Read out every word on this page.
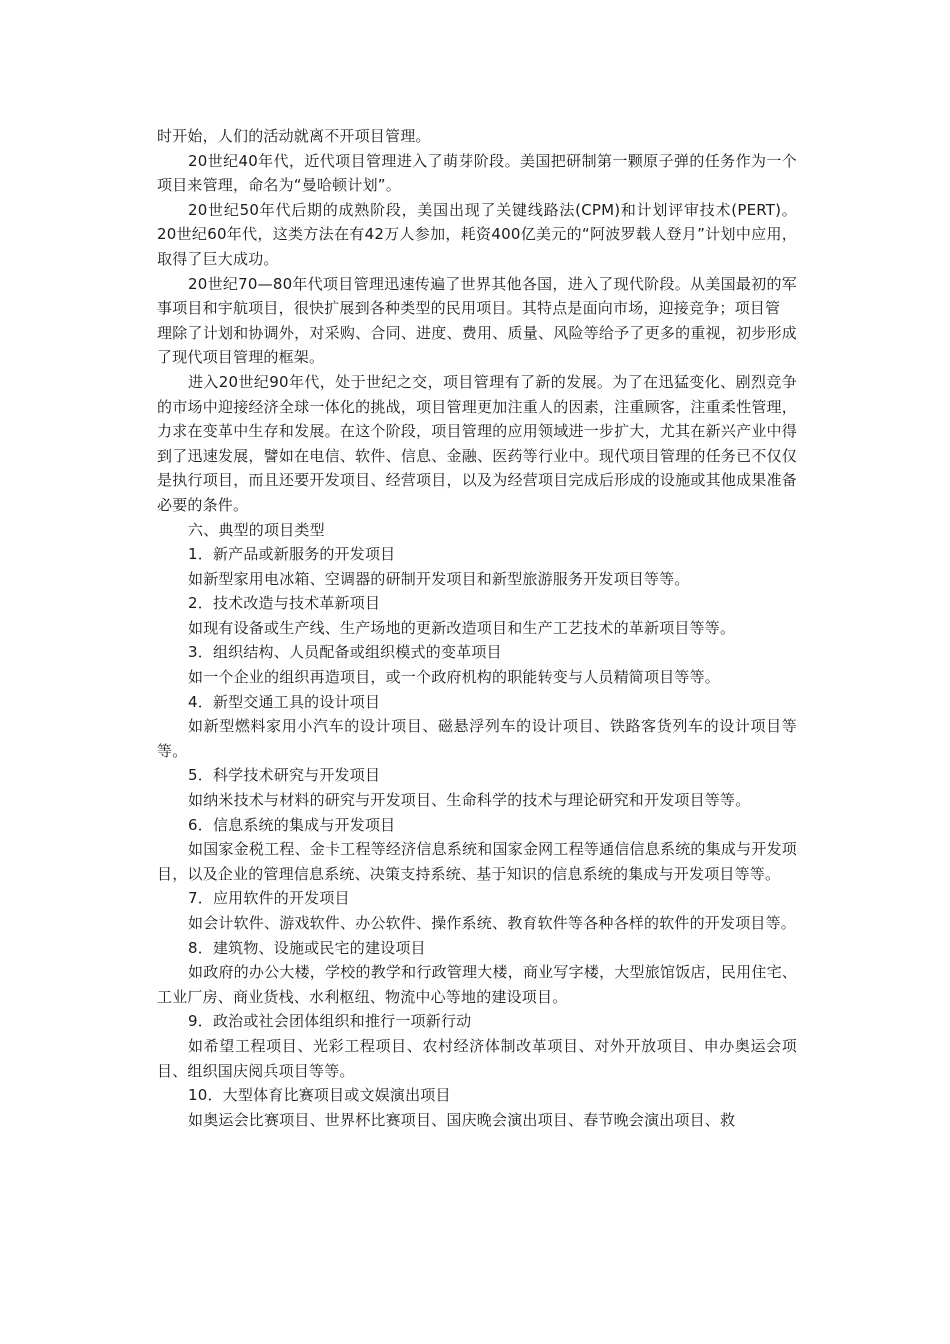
时开始，人们的活动就离不开项目管理。

20世纪40年代，近代项目管理进入了萌芽阶段。美国把研制第一颗原子弹的任务作为一个项目来管理，命名为“曼哈顿计划”。

20世纪50年代后期的成熟阶段，美国出现了关键线路法(CPM)和计划评审技术(PERT)。20世纪60年代，这类方法在有42万人参加，耗资400亿美元的“阿波罗载人登月”计划中应用，取得了巨大成功。

20世纪70—80年代项目管理迅速传遍了世界其他各国，进入了现代阶段。从美国最初的军事项目和宇航项目，很快扩展到各种类型的民用项目。其特点是面向市场，迎接竞争；项目管

理除了计划和协调外，对采购、合同、进度、费用、质量、风险等给予了更多的重视，初步形成了现代项目管理的框架。

进入20世纪90年代，处于世纪之交，项目管理有了新的发展。为了在迅猛变化、剧烈竞争的市场中迎接经济全球一体化的挑战，项目管理更加注重人的因素，注重顾客，注重柔性管理，力求在变革中生存和发展。在这个阶段，项目管理的应用领域进一步扩大，尤其在新兴产业中得到了迅速发展，譬如在电信、软件、信息、金融、医药等行业中。现代项目管理的任务已不仅仅是执行项目，而且还要开发项目、经营项目，以及为经营项目完成后形成的设施或其他成果准备必要的条件。

六、典型的项目类型

1．新产品或新服务的开发项目

如新型家用电冰箱、空调器的研制开发项目和新型旅游服务开发项目等等。

2．技术改造与技术革新项目

如现有设备或生产线、生产场地的更新改造项目和生产工艺技术的革新项目等等。

3．组织结构、人员配备或组织模式的变革项目

如一个企业的组织再造项目，或一个政府机构的职能转变与人员精简项目等等。

4．新型交通工具的设计项目

如新型燃料家用小汽车的设计项目、磁悬浮列车的设计项目、铁路客货列车的设计项目等等。

5．科学技术研究与开发项目

如纳米技术与材料的研究与开发项目、生命科学的技术与理论研究和开发项目等等。

6．信息系统的集成与开发项目

如国家金税工程、金卡工程等经济信息系统和国家金网工程等通信信息系统的集成与开发项目，以及企业的管理信息系统、决策支持系统、基于知识的信息系统的集成与开发项目等等。

7．应用软件的开发项目

如会计软件、游戏软件、办公软件、操作系统、教育软件等各种各样的软件的开发项目等。

8．建筑物、设施或民宅的建设项目

如政府的办公大楼，学校的教学和行政管理大楼，商业写字楼，大型旅馆饭店，民用住宅、工业厂房、商业货栈、水利枢纽、物流中心等地的建设项目。

9．政治或社会团体组织和推行一项新行动

如希望工程项目、光彩工程项目、农村经济体制改革项目、对外开放项目、申办奥运会项目、组织国庆阅兵项目等等。

10．大型体育比赛项目或文娱演出项目

如奥运会比赛项目、世界杯比赛项目、国庆晚会演出项目、春节晚会演出项目、救
